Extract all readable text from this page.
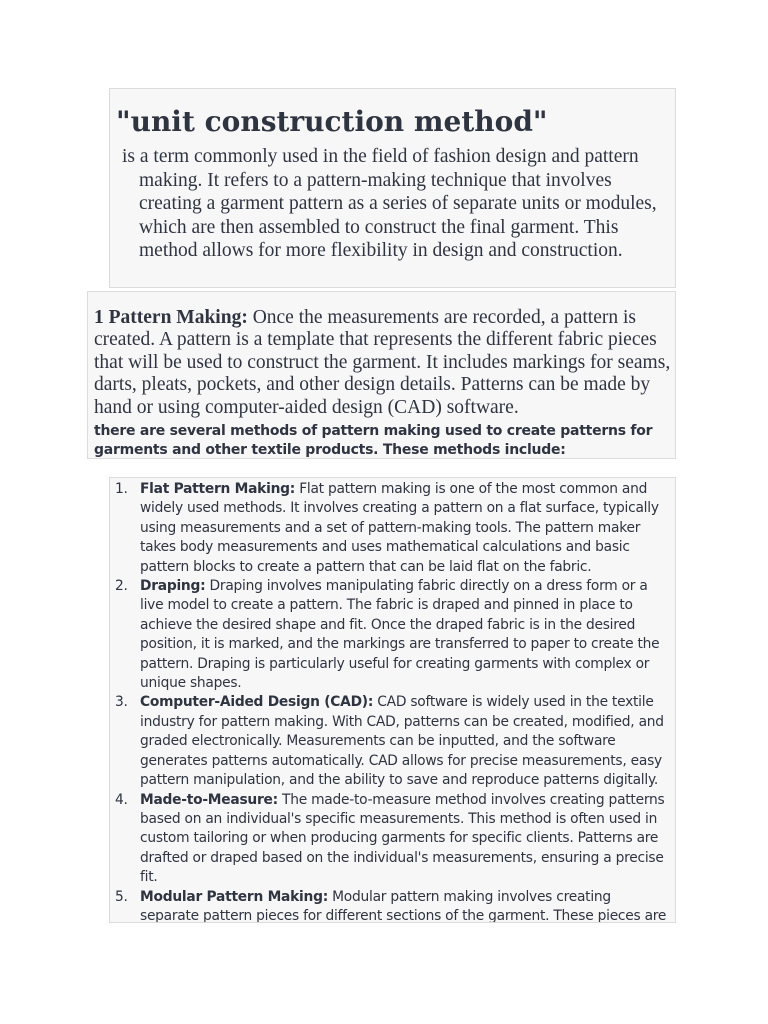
"unit construction method"

is a term commonly used in the field of fashion design and pattern making. It refers to a pattern-making technique that involves creating a garment pattern as a series of separate units or modules, which are then assembled to construct the final garment. This method allows for more flexibility in design and construction.

1 Pattern Making: Once the measurements are recorded, a pattern is created. A pattern is a template that represents the different fabric pieces that will be used to construct the garment. It includes markings for seams, darts, pleats, pockets, and other design details. Patterns can be made by hand or using computer-aided design (CAD) software.

there are several methods of pattern making used to create patterns for garments and other textile products. These methods include:

1. Flat Pattern Making: Flat pattern making is one of the most common and widely used methods. It involves creating a pattern on a flat surface, typically using measurements and a set of pattern-making tools. The pattern maker takes body measurements and uses mathematical calculations and basic pattern blocks to create a pattern that can be laid flat on the fabric.
2. Draping: Draping involves manipulating fabric directly on a dress form or a live model to create a pattern. The fabric is draped and pinned in place to achieve the desired shape and fit. Once the draped fabric is in the desired position, it is marked, and the markings are transferred to paper to create the pattern. Draping is particularly useful for creating garments with complex or unique shapes.
3. Computer-Aided Design (CAD): CAD software is widely used in the textile industry for pattern making. With CAD, patterns can be created, modified, and graded electronically. Measurements can be inputted, and the software generates patterns automatically. CAD allows for precise measurements, easy pattern manipulation, and the ability to save and reproduce patterns digitally.
4. Made-to-Measure: The made-to-measure method involves creating patterns based on an individual's specific measurements. This method is often used in custom tailoring or when producing garments for specific clients. Patterns are drafted or draped based on the individual's measurements, ensuring a precise fit.
5. Modular Pattern Making: Modular pattern making involves creating separate pattern pieces for different sections of the garment. These pieces are
